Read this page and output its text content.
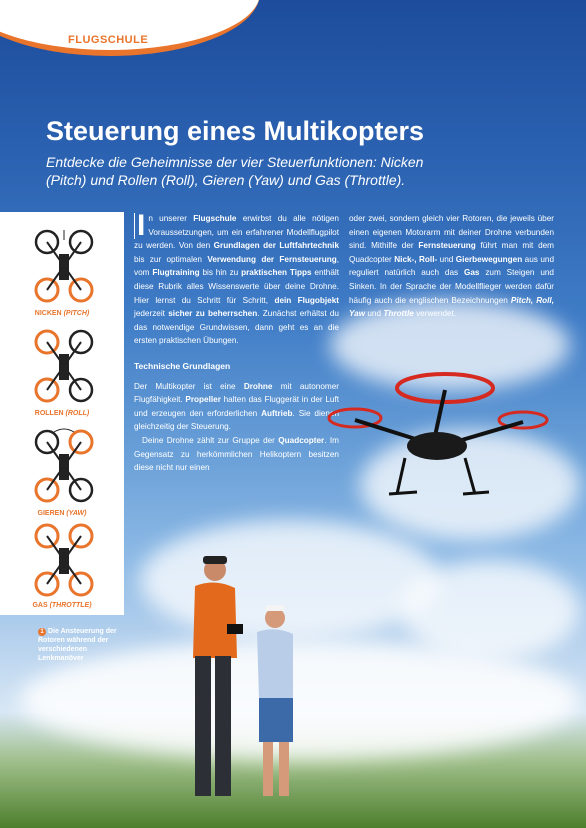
FLUGSCHULE
Steuerung eines Multikopters
Entdecke die Geheimnisse der vier Steuerfunktionen: Nicken (Pitch) und Rollen (Roll), Gieren (Yaw) und Gas (Throttle).
NICKEN (PITCH)
ROLLEN (ROLL)
GIEREN (YAW)
GAS (THROTTLE)
1 Die Ansteuerung der Rotoren während der verschiedenen Lenkmanöver

I n unserer Flugschule erwirbst du alle nötigen Voraussetzungen, um ein erfahrener Modellflugpilot zu werden. Von den Grundlagen der Luftfahrtechnik bis zur optimalen Verwendung der Fernsteuerung, vom Flugtraining bis hin zu praktischen Tipps enthält diese Rubrik alles Wissenswerte über deine Drohne. Hier lernst du Schritt für Schritt, dein Flugobjekt jederzeit sicher zu beherrschen. Zunächst erhältst du das notwendige Grundwissen, dann geht es an die ersten praktischen Übungen.

Technische Grundlagen

Der Multikopter ist eine Drohne mit autonomer Flugfähigkeit. Propeller halten das Fluggerät in der Luft und erzeugen den erforderlichen Auftrieb. Sie dienen gleichzeitig der Steuerung.

Deine Drohne zählt zur Gruppe der Quadcopter. Im Gegensatz zu herkömmlichen Helikoptern besitzen diese nicht nur einen

oder zwei, sondern gleich vier Rotoren, die jeweils über einen eigenen Motorarm mit deiner Drohne verbunden sind. Mithilfe der Fernsteuerung führt man mit dem Quadcopter Nick-, Roll- und Gierbewegungen aus und reguliert natürlich auch das Gas zum Steigen und Sinken. In der Sprache der Modellflieger werden dafür häufig auch die englischen Bezeichnungen Pitch, Roll, Yaw und Throttle verwendet.
